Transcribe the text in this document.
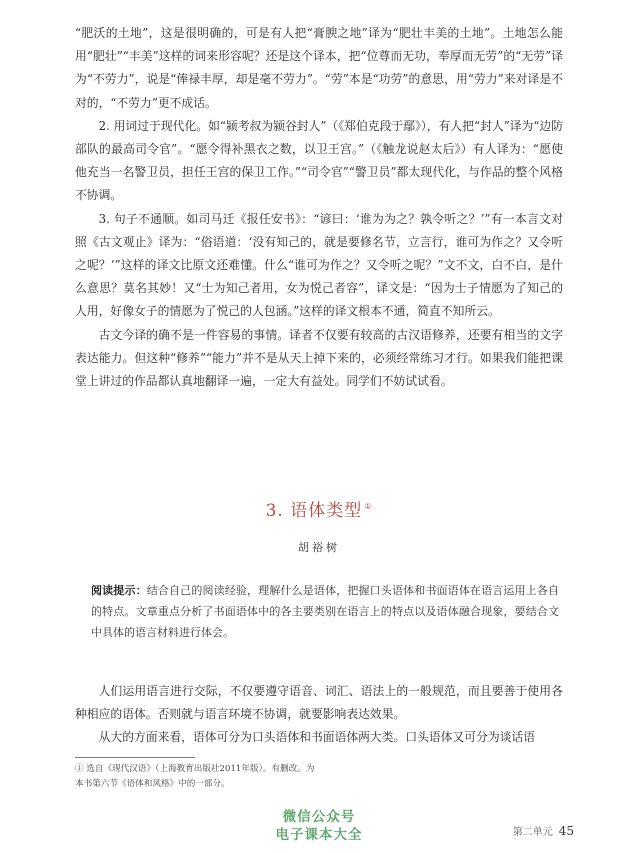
“肥沃的土地”，这是很明确的，可是有人把“膏腴之地”译为“肥壮丰美的土地”。土地怎么能用“肥壮”“丰美”这样的词来形容呢？还是这个译本，把“位尊而无功，奉厚而无劳”的“无劳”译为“不劳力”，说是“俸禄丰厚，却是毫不劳力”。“劳”本是“功劳”的意思，用“劳力”来对译是不对的，“不劳力”更不成话。

2. 用词过于现代化。如“颍考叔为颍谷封人”（《郑伯克段于鄢》），有人把“封人”译为“边防部队的最高司令官”。“愿令得补黑衣之数，以卫王宫。”（《触龙说赵太后》）有人译为：“愿使他充当一名警卫员，担任王宫的保卫工作。”“司令官”“警卫员”都太现代化，与作品的整个风格不协调。

3. 句子不通顺。如司马迁《报任安书》：“谚曰：‘谁为为之？孰令听之？’”有一本言文对照《古文观止》译为：“俗语道：‘没有知己的，就是要修名节，立言行，谁可为作之？又令听之呢？’”这样的译文比原文还难懂。什么“谁可为作之？又令听之呢？”文不文，白不白，是什么意思？莫名其妙！又“士为知己者用，女为悦己者容”，译文是：“因为士子情愿为了知己的人用，好像女子的情愿为了悦己的人包涵。”这样的译文根本不通，简直不知所云。

古文今译的确不是一件容易的事情。译者不仅要有较高的古汉语修养，还要有相当的文字表达能力。但这种“修养”“能力”并不是从天上掉下来的，必须经常练习才行。如果我们能把课堂上讲过的作品都认真地翻译一遍，一定大有益处。同学们不妨试试看。

3. 语体类型 ①
胡裕树
阅读提示：结合自己的阅读经验，理解什么是语体，把握口头语体和书面语体在语言运用上各自的特点。文章重点分析了书面语体中的各主要类别在语言上的特点以及语体融合现象，要结合文中具体的语言材料进行体会。

人们运用语言进行交际，不仅要遵守语音、词汇、语法上的一般规范，而且要善于使用各种相应的语体。否则就与语言环境不协调，就要影响表达效果。

从大的方面来看，语体可分为口头语体和书面语体两大类。口头语体又可分为谈话语

① 选自《现代汉语》（上海教育出版社2011年版）。有删改。为本书第六节《语体和风格》中的一部分。
微信公众号
电子课本大全	第二单元 45
